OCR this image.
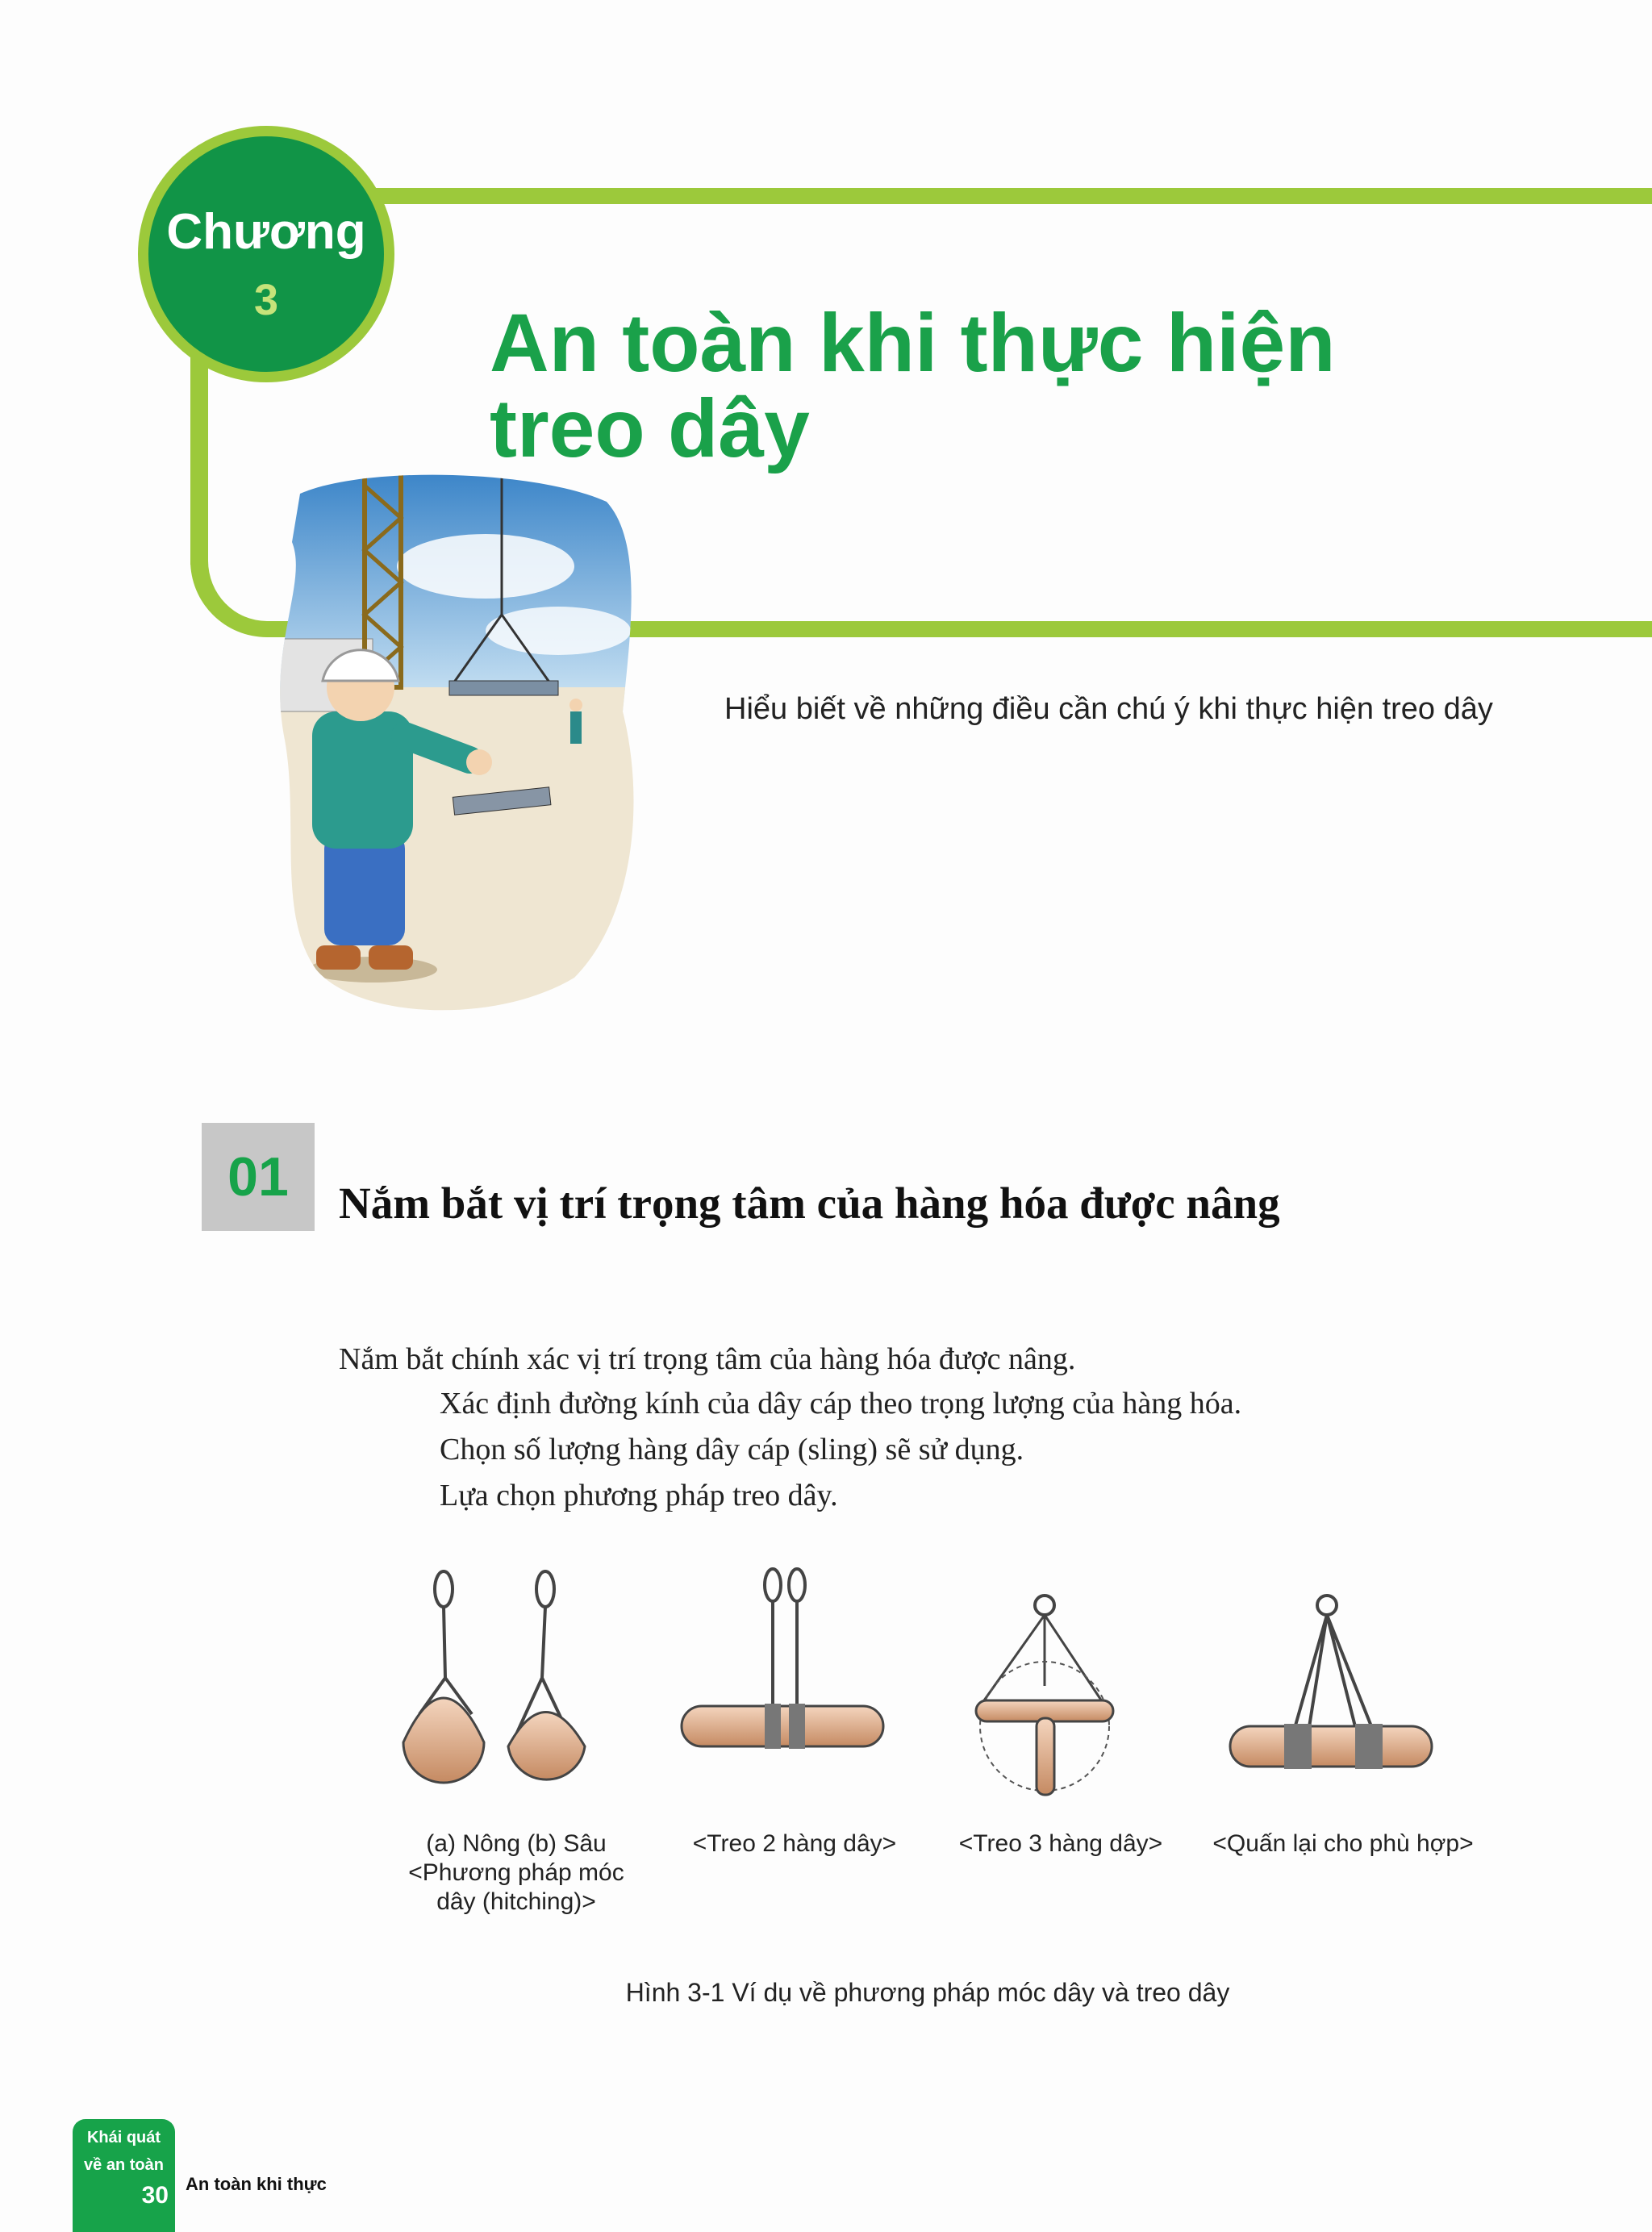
Chương
3	An toàn khi thực hiện
treo dây

Hiểu biết về những điều cần chú ý khi thực hiện treo dây

01	Nắm bắt vị trí trọng tâm của hàng hóa được nâng
Nắm bắt chính xác vị trí trọng tâm của hàng hóa được nâng.
Xác định đường kính của dây cáp theo trọng lượng của hàng hóa.
Chọn số lượng hàng dây cáp (sling) sẽ sử dụng.
Lựa chọn phương pháp treo dây.
(a) Nông (b) Sâu
<Phương pháp móc
dây (hitching)>
<Treo 2 hàng dây>	<Treo 3 hàng dây>	<Quấn lại cho phù hợp>
Hình 3-1 Ví dụ về phương pháp móc dây và treo dây
Khái quát
về an toàn
30 An toàn khi thực
